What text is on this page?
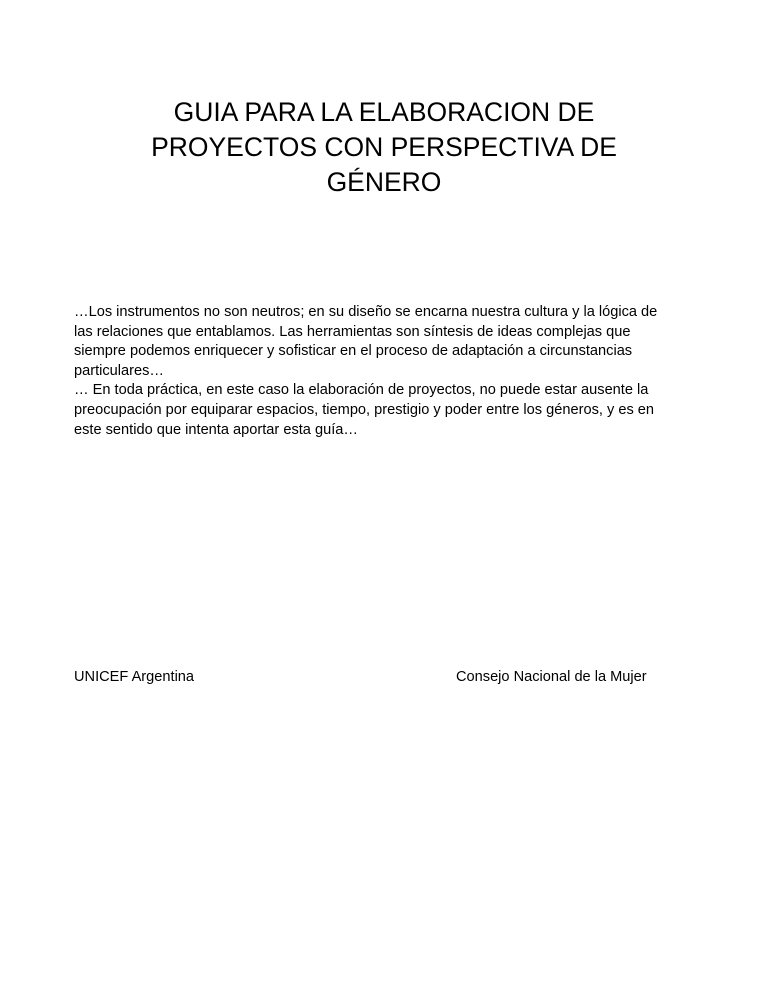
GUIA PARA LA ELABORACION DE
PROYECTOS CON PERSPECTIVA DE
GÉNERO
…Los instrumentos no son neutros; en su diseño se encarna nuestra cultura y la lógica de
las relaciones que entablamos. Las herramientas son síntesis de ideas complejas que
siempre podemos enriquecer y sofisticar en el proceso de adaptación a circunstancias
particulares…
… En toda práctica, en este caso la elaboración de proyectos, no puede estar ausente la
preocupación por equiparar espacios, tiempo, prestigio y poder entre los géneros, y es en
este sentido que intenta aportar esta guía…
UNICEF Argentina	Consejo Nacional de la Mujer
